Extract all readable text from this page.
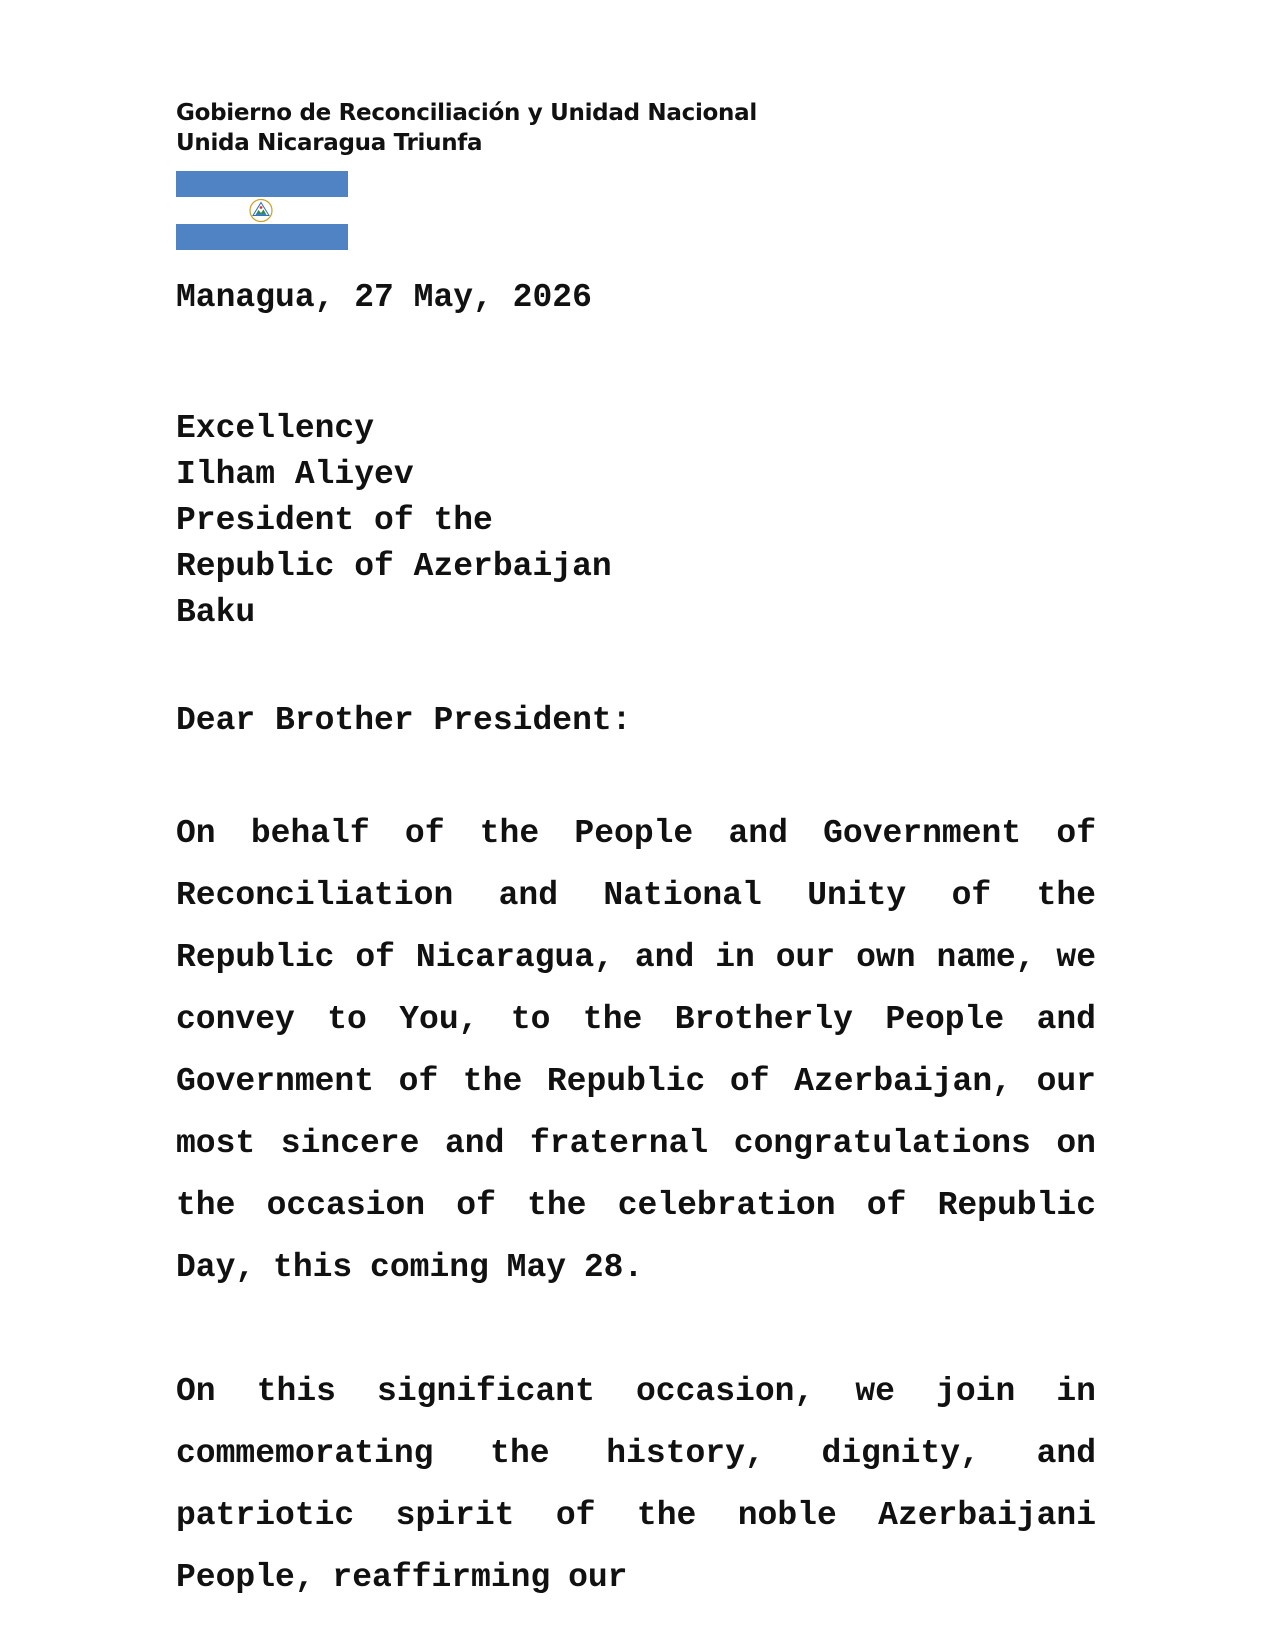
Gobierno de Reconciliación y Unidad Nacional
Unida Nicaragua Triunfa
Managua, 27 May, 2026
Excellency
Ilham Aliyev
President of the
Republic of Azerbaijan
Baku
Dear Brother President:
On behalf of the People and Government of Reconciliation and National Unity of the Republic of Nicaragua, and in our own name, we convey to You, to the Brotherly People and Government of the Republic of Azerbaijan, our most sincere and fraternal congratulations on the occasion of the celebration of Republic Day, this coming May 28.
On this significant occasion, we join in commemorating the history, dignity, and patriotic spirit of the noble Azerbaijani People, reaffirming our
